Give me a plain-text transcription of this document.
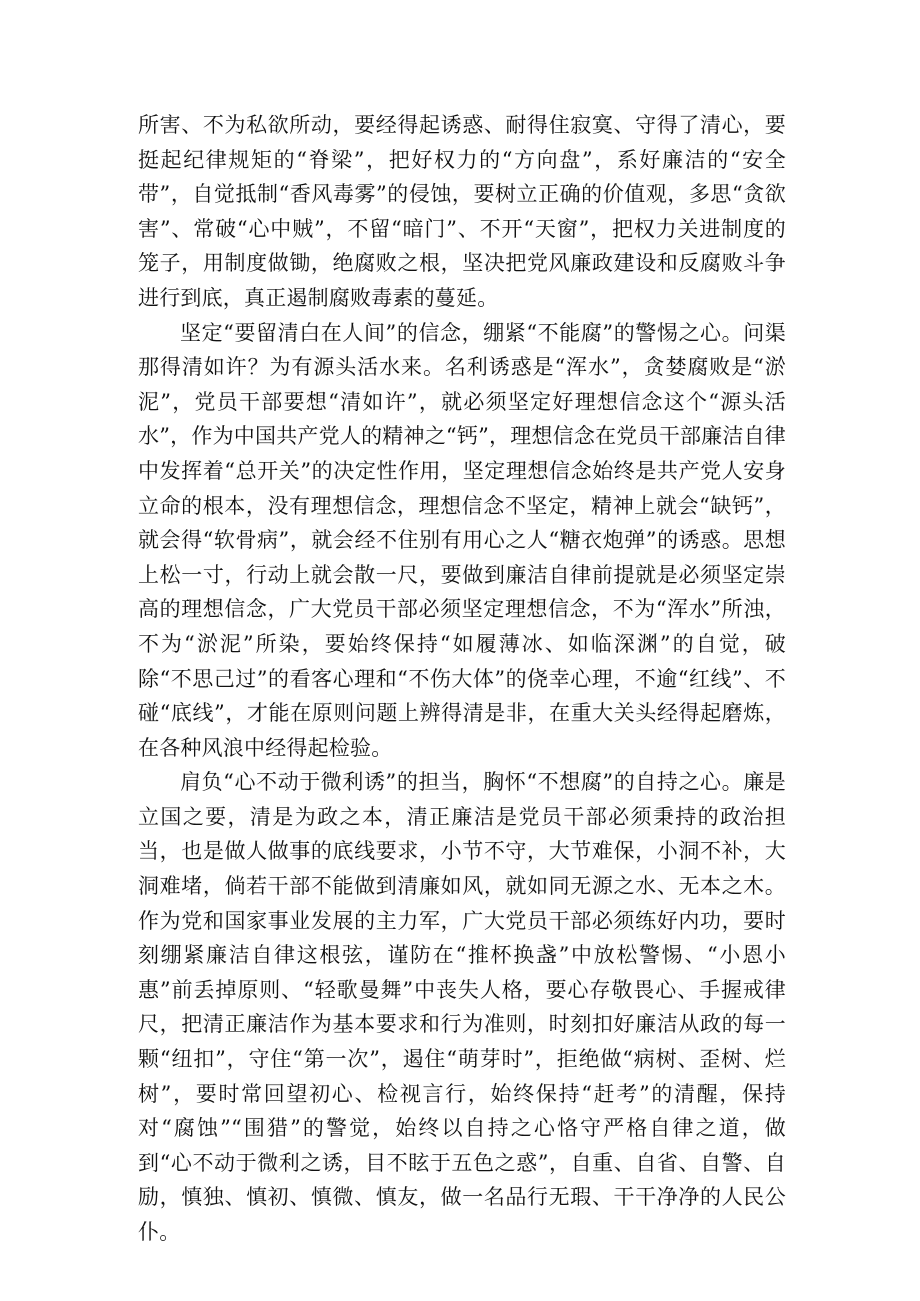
所害、不为私欲所动，要经得起诱惑、耐得住寂寞、守得了清心，要挺起纪律规矩的“脊梁”，把好权力的“方向盘”，系好廉洁的“安全带”，自觉抵制“香风毒雾”的侵蚀，要树立正确的价值观，多思“贪欲害”、常破“心中贼”，不留“暗门”、不开“天窗”，把权力关进制度的笼子，用制度做锄，绝腐败之根，坚决把党风廉政建设和反腐败斗争进行到底，真正遏制腐败毒素的蔓延。

坚定“要留清白在人间”的信念，绷紧“不能腐”的警惕之心。问渠那得清如许？为有源头活水来。名利诱惑是“浑水”，贪婪腐败是“淤泥”，党员干部要想“清如许”，就必须坚定好理想信念这个“源头活水”，作为中国共产党人的精神之“钙”，理想信念在党员干部廉洁自律中发挥着“总开关”的决定性作用，坚定理想信念始终是共产党人安身立命的根本，没有理想信念，理想信念不坚定，精神上就会“缺钙”，就会得“软骨病”，就会经不住别有用心之人“糖衣炮弹”的诱惑。思想上松一寸，行动上就会散一尺，要做到廉洁自律前提就是必须坚定崇高的理想信念，广大党员干部必须坚定理想信念，不为“浑水”所浊，不为“淤泥”所染，要始终保持“如履薄冰、如临深渊”的自觉，破除“不思己过”的看客心理和“不伤大体”的侥幸心理，不逾“红线”、不碰“底线”，才能在原则问题上辨得清是非，在重大关头经得起磨炼，在各种风浪中经得起检验。

肩负“心不动于微利诱”的担当，胸怀“不想腐”的自持之心。廉是立国之要，清是为政之本，清正廉洁是党员干部必须秉持的政治担当，也是做人做事的底线要求，小节不守，大节难保，小洞不补，大洞难堵，倘若干部不能做到清廉如风，就如同无源之水、无本之木。作为党和国家事业发展的主力军，广大党员干部必须练好内功，要时刻绷紧廉洁自律这根弦，谨防在“推杯换盏”中放松警惕、“小恩小惠”前丢掉原则、“轻歌曼舞”中丧失人格，要心存敬畏心、手握戒律尺，把清正廉洁作为基本要求和行为准则，时刻扣好廉洁从政的每一颗“纽扣”，守住“第一次”，遏住“萌芽时”，拒绝做“病树、歪树、烂树”，要时常回望初心、检视言行，始终保持“赶考”的清醒，保持对“腐蚀”“围猎”的警觉，始终以自持之心恪守严格自律之道，做到“心不动于微利之诱，目不眩于五色之惑”，自重、自省、自警、自励，慎独、慎初、慎微、慎友，做一名品行无瑕、干干净净的人民公仆。
